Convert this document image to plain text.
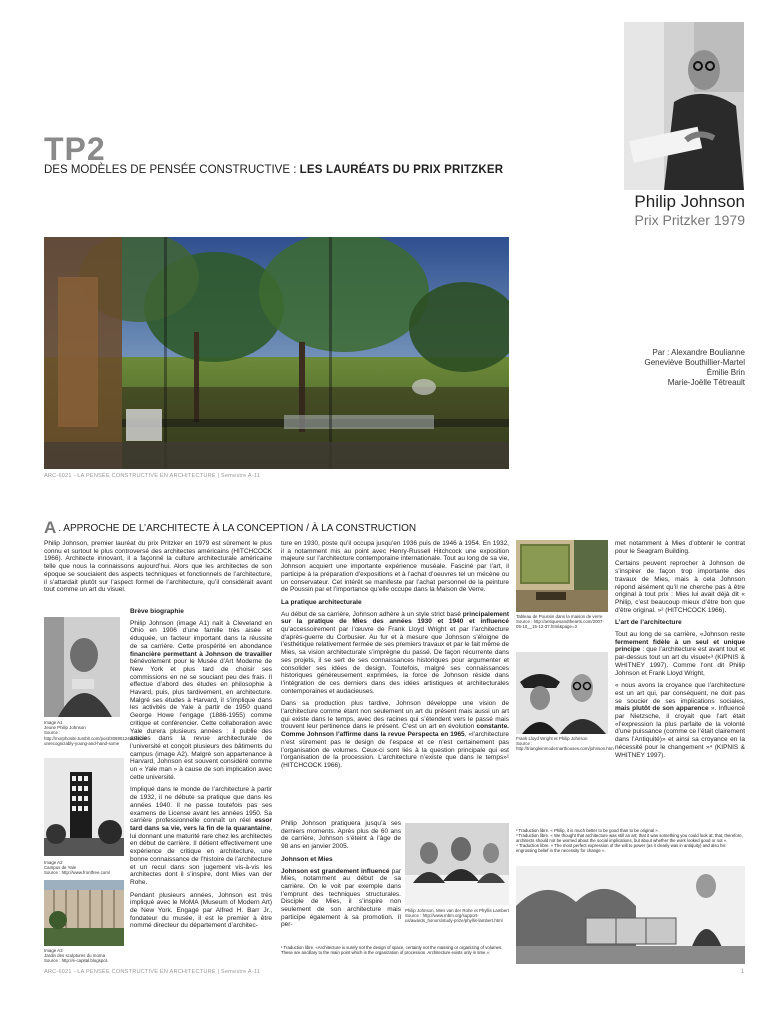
TP2
DES MODÈLES DE PENSÉE CONSTRUCTIVE : LES LAURÉATS DU PRIX PRITZKER
Philip Johnson
Prix Pritzker 1979
Par : Alexandre Boulianne
Geneviève Bouthillier-Martel
Émilie Brin
Marie-Joëlle Tétreault
ARC-6021 - LA PENSÉE CONSTRUCTIVE EN ARCHITECTURE | Semestre A-11
ARC-6021 - LA PENSÉE CONSTRUCTIVE EN ARCHITECTURE | Semestre A-11	1
A . APPROCHE DE L’ARCHITECTE À LA CONCEPTION / À LA CONSTRUCTION
Philip Johnson, premier lauréat du prix Pritzker en 1979 est sûrement le plus connu et surtout le plus controversé des architectes américains (HITCHCOCK 1966). Architecte innovant, il a façonné la culture architecturale américaine telle que nous la connaissons aujourd’hui. Alors que les architectes de son époque se souciaient des aspects techniques et fonctionnels de l’architecture, il s’attardait plutôt sur l’aspect formel de l’architecture, qu’il considérait avant tout comme un art du visuel.
Image A1
Jeune Philip Johnson
Source : http://morphosite.tumblr.com/post/306901240/almost-unrecognizably-young-and-hand-some
Image A2
Campus de Yale
Source : http://www.frontfree.com/
Image A3
Jardin des sculptures du moma
Source : http://e-capital.blogspot.
Brève biographie

Philip Johnson (image A1) naît à Cleveland en Ohio en 1906 d’une famille très aisée et éduquée, un facteur important dans la réussite de sa carrière. Cette prospérité en abondance financière permettant à Johnson de travailler bénévolement pour le Musée d’Art Moderne de New York et plus tard de choisir ses commissions en ne se souciant peu des frais. Il effectue d’abord des études en philosophie à Havard, puis, plus tardivement, en architecture. Malgré ses études à Harvard, il s’implique dans les activités de Yale à partir de 1950 quand George Howe l’engage (1886-1955) comme critique et conférencier. Cette collaboration avec Yale durera plusieurs années : il publie des articles dans la revue architecturale de l’université et conçoit plusieurs des bâtiments du campus (image A2). Malgré son appartenance à Harvard, Johnson est souvent considéré comme un « Yale man » à cause de son implication avec cette université.

Impliqué dans le monde de l’architecture à partir de 1932, il ne débute sa pratique que dans les années 1940. Il ne passe toutefois pas ses examens de License avant les années 1950. Sa carrière professionnelle connaît un réel essor tard dans sa vie, vers la fin de la quarantaine, lui donnant une maturité rare chez les architectes en début de carrière. Il détient effectivement une expérience de critique en architecture, une bonne connaissance de l’histoire de l’architecture et un recul dans son jugement vis-à-vis les architectes dont il s’inspire, dont Mies van der Rohe.

Pendant plusieurs années, Johnson est très impliqué avec le MoMA (Museum of Modern Art) de New York. Engagé par Alfred H. Barr Jr., fondateur du musée, il est le premier à être nommé directeur du département d’architec-

ture en 1930, poste qu’il occupa jusqu’en 1936 puis de 1946 à 1954. En 1932, il a notamment mis au point avec Henry-Russell Hitchcock une exposition majeure sur l’architecture contemporaine internationale. Tout au long de sa vie, Johnson acquiert une importante expérience muséale. Fasciné par l’art, il participe à la préparation d’expositions et à l’achat d’oeuvres tel un mécène ou un conservateur. Cet intérêt se manifeste par l’achat personnel de la peinture de Poussin par et l’importance qu’elle occupe dans la Maison de Verre.

La pratique architecturale

Au début de sa carrière, Johnson adhère à un style strict basé principalement sur la pratique de Mies des années 1930 et 1940 et influencé qu’accessoirement par l’œuvre de Frank Lloyd Wright et par l’architecture d’après-guerre du Corbusier. Au fur et à mesure que Johnson s’éloigne de l’esthétique relativement fermée de ses premiers travaux et par le fait même de Mies, sa vision architecturale s’imprègne du passé. De façon récurrente dans ses projets, il se sert de ses connaissances historiques pour argumenter et consolider ses idées de design. Toutefois, malgré ses connaissances historiques généreusement exprimées, la force de Johnson réside dans l’intégration de ces derniers dans des idées artistiques et architecturales contemporaines et audacieuses.

Dans sa production plus tardive, Johnson développe une vision de l’architecture comme étant non seulement un art du présent mais aussi un art qui existe dans le temps, avec des racines qui s’étendent vers le passé mais trouvent leur pertinence dans le présent. C’est un art en évolution constante. Comme Johnson l’affirme dans la revue Perspecta en 1965, «l’architecture n’est sûrement pas le design de l’espace et ce n’est certainement pas l’organisation de volumes. Ceux-ci sont liés à la question principale qui est l’organisation de la procession. L’architecture n’existe que dans le temps»¹ (HITCHCOCK 1966).

Philip Johnson pratiquera jusqu’à ses derniers moments. Après plus de 60 ans de carrière, Johnson s’éteint à l’âge de 98 ans en janvier 2005.

Johnson et Mies

Johnson est grandement influencé par Mies, notamment au début de sa carrière. On le voit par exemple dans l’emprunt des techniques structurales. Disciple de Mies, il s’inspire non seulement de son architecture mais participe également à sa promotion. Il per-

Philip Johnson, Mies van der Rohe et Phyllis Lambert
Source : http://www.mbm.org/support-us/awards_honors/study-prize/phyllis-lambert.html
¹ Traduction libre. «Architecture is surely not the design of space, certainly not the massing or organizing of volumes. These are ancillary to the main point which is the organization of procession. Architecture exists only in time.».
Tableau de Poussin dans la maison de verre
Source : http://antiquesandthearts.com/2007-05-10__15-12-37.html&page=3
Frank Lloyd Wright et Philip Johnson
Source : http://triangleinmodernarthouses.com/johnson.htm

met notamment à Mies d’obtenir le contrat pour le Seagram Building.

Certains peuvent reprocher à Johnson de s’inspirer de façon trop importante des travaux de Mies, mais à cela Johnson répond aisément qu’il ne cherche pas à être original à tout prix : Mies lui avait déjà dit « Philip, c’est beaucoup mieux d’être bon que d’être original. »² (HITCHCOCK 1966).

L’art de l’architecture

Tout au long de sa carrière, «Johnson reste fermement fidèle à un seul et unique principe : que l’architecture est avant tout et par-dessus tout un art du visuel»³ (KIPNIS & WHITNEY 1997). Comme l’ont dit Philip Johnson et Frank Lloyd Wright,

« nous avons la croyance que l’architecture est un art qui, par conséquent, ne doit pas se soucier de ses implications sociales, mais plutôt de son apparence ». Influencé par Nietzsche, il croyait que l’art était «l’expression la plus parfaite de la volonté d’une puissance (comme ce l’était clairement dans l’Antiquité)» et ainsi sa croyance en la nécessité pour le changement »⁴ (KIPNIS & WHITNEY 1997).

² Traduction libre. « Philip, it is much better to be good than to be original ».
³ Traduction libre. « We thought that architecture was still an art; that it was something you could look at; that, therefore, architects should not be worried about the social implications, but about whether the work looked good or not ».
⁴ Traduction libre. « The most perfect expression of the will to power (as it clearly was in antiquity) and also his engrossing belief in the necessity for change ».
